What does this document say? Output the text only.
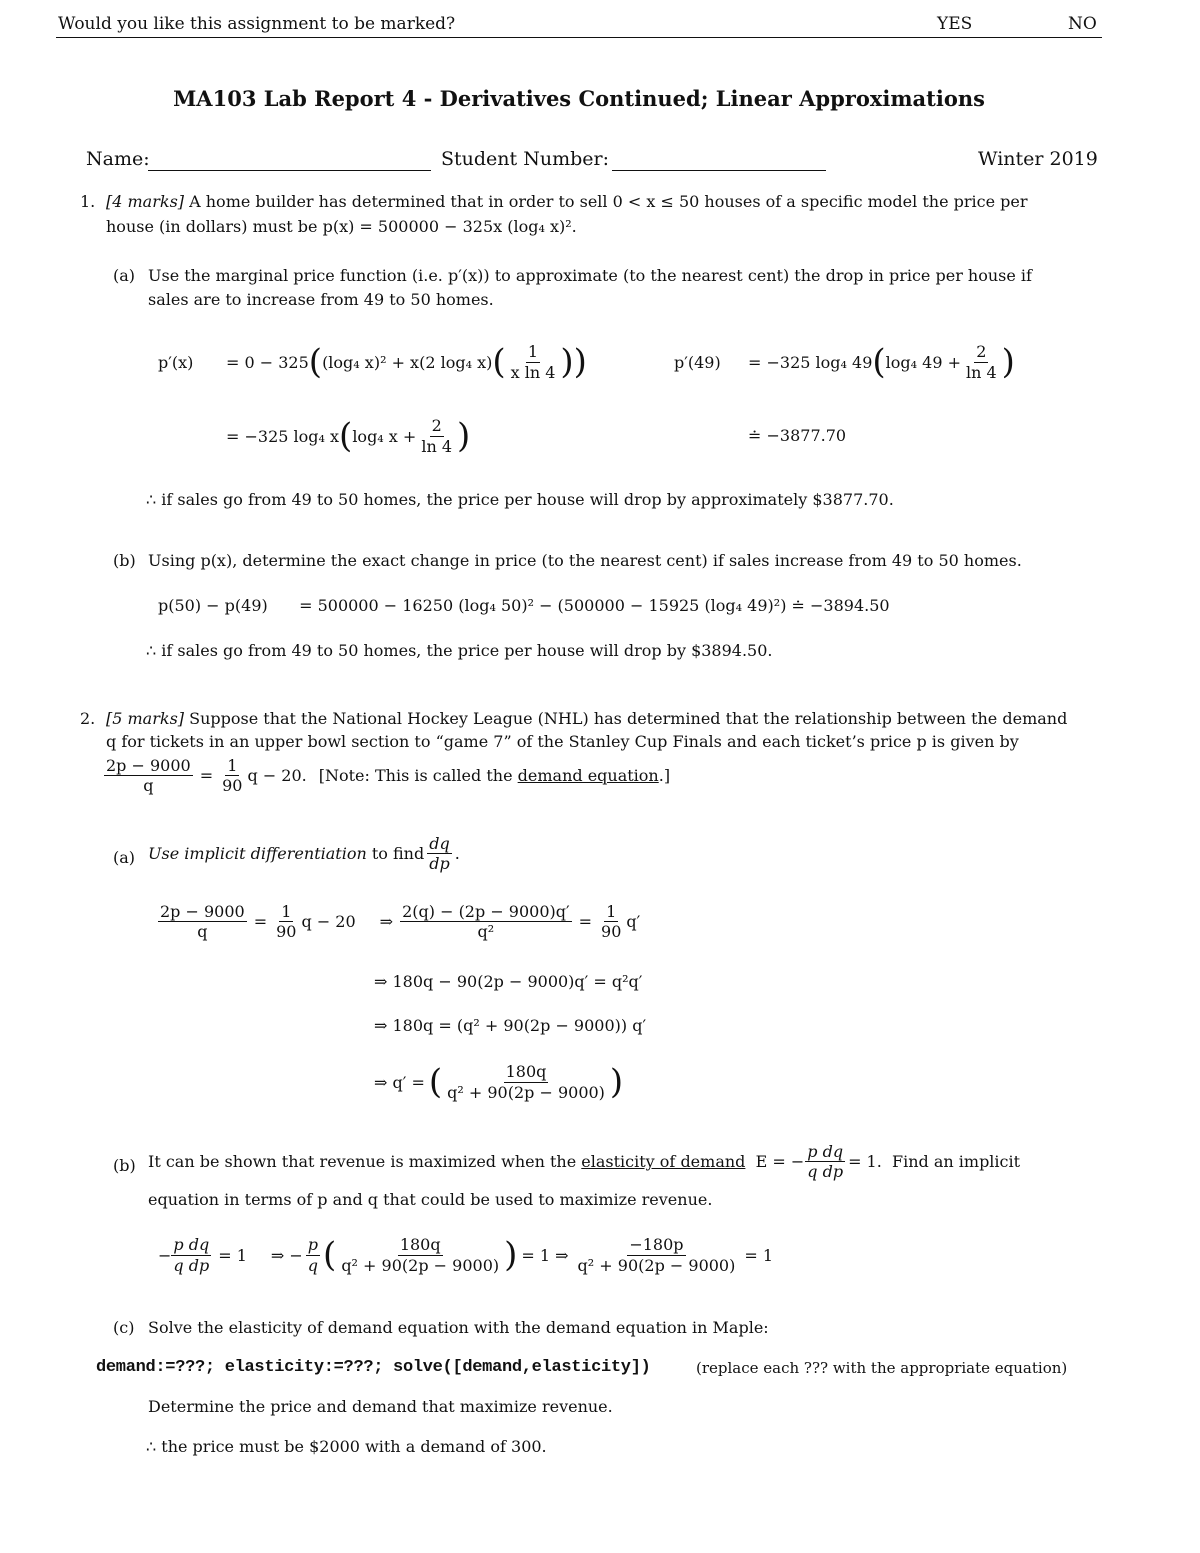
Would you like this assignment to be marked?	YES	NO
MA103 Lab Report 4 - Derivatives Continued; Linear Approximations
Name:	Student Number:	Winter 2019
1. [4 marks] A home builder has determined that in order to sell 0 < x ≤ 50 houses of a specific model the price per
house (in dollars) must be p(x) = 500000 − 325x (log₄ x)².
(a) Use the marginal price function (i.e. p′(x)) to approximate (to the nearest cent) the drop in price per house if
sales are to increase from 49 to 50 homes.
p′(x)	= 0 − 325 ( (log₄ x)² + x(2 log₄ x) ( $\frac{1}{\text{x ln 4}}$ ))	p′(49)	= −325 log₄ 49 ( log₄ $49 + \frac{2}{\ln 4}$ )
= −325 log₄ x ( log₄ $x + \frac{2}{\ln 4}$ )	≐ −3877.70
∴ if sales go from 49 to 50 homes, the price per house will drop by approximately $3877.70.
(b) Using p(x), determine the exact change in price (to the nearest cent) if sales increase from 49 to 50 homes.
p(50) − p(49) = 500000 − 16250 (log₄ 50)² − (500000 − 15925 (log₄ 49)²) ≐ −3894.50
∴ if sales go from 49 to 50 homes, the price per house will drop by $3894.50.
2. [5 marks] Suppose that the National Hockey League (NHL) has determined that the relationship between the demand
q for tickets in an upper bowl section to “game 7” of the Stanley Cup Finals and each ticket’s price p is given by
$\frac{2p - 9000}{q} = \frac{1}{90}$ q − 20. [Note: This is called the
demand equation .]
(a) Use implicit differentiation
to find $\frac{dq}{dp}$ .
$\frac{2p - 9000}{q} = \frac{1}{90}$ q − 20 ⇒ $\frac{2(q) - (2p - 9000)q'}{\text{q²}} = \frac{1}{90} q'$
⇒ 180q − 90(2p − 9000)q′ = q²q′
⇒ 180q = (q² + 90(2p − 9000)) q′
⇒ q′ = ( $\frac{180q}{\text{q² + 90(2p − 9000)}}$ )
(b) It can be shown that revenue is maximized when the
elasticity of demand
E = − $\frac{\text{p dq}}{\text{q dp}} = 1$.  Find an implicit
equation in terms of p and q that could be used to maximize revenue.
− $\frac{\text{p dq}}{\text{q dp}} = 1$ ⇒ − $\frac{p}{q}$ ( $\frac{180q}{\text{q² + 90(2p − 9000)}}$ ) = 1 ⇒ $\frac{-180p}{\text{q² + 90(2p − 9000)}} = 1$
(c) Solve the elasticity of demand equation with the demand equation in Maple:
demand:=???; elasticity:=???; solve([demand,elasticity])	(replace each ??? with the appropriate equation)
Determine the price and demand that maximize revenue.
∴ the price must be $2000 with a demand of 300.
